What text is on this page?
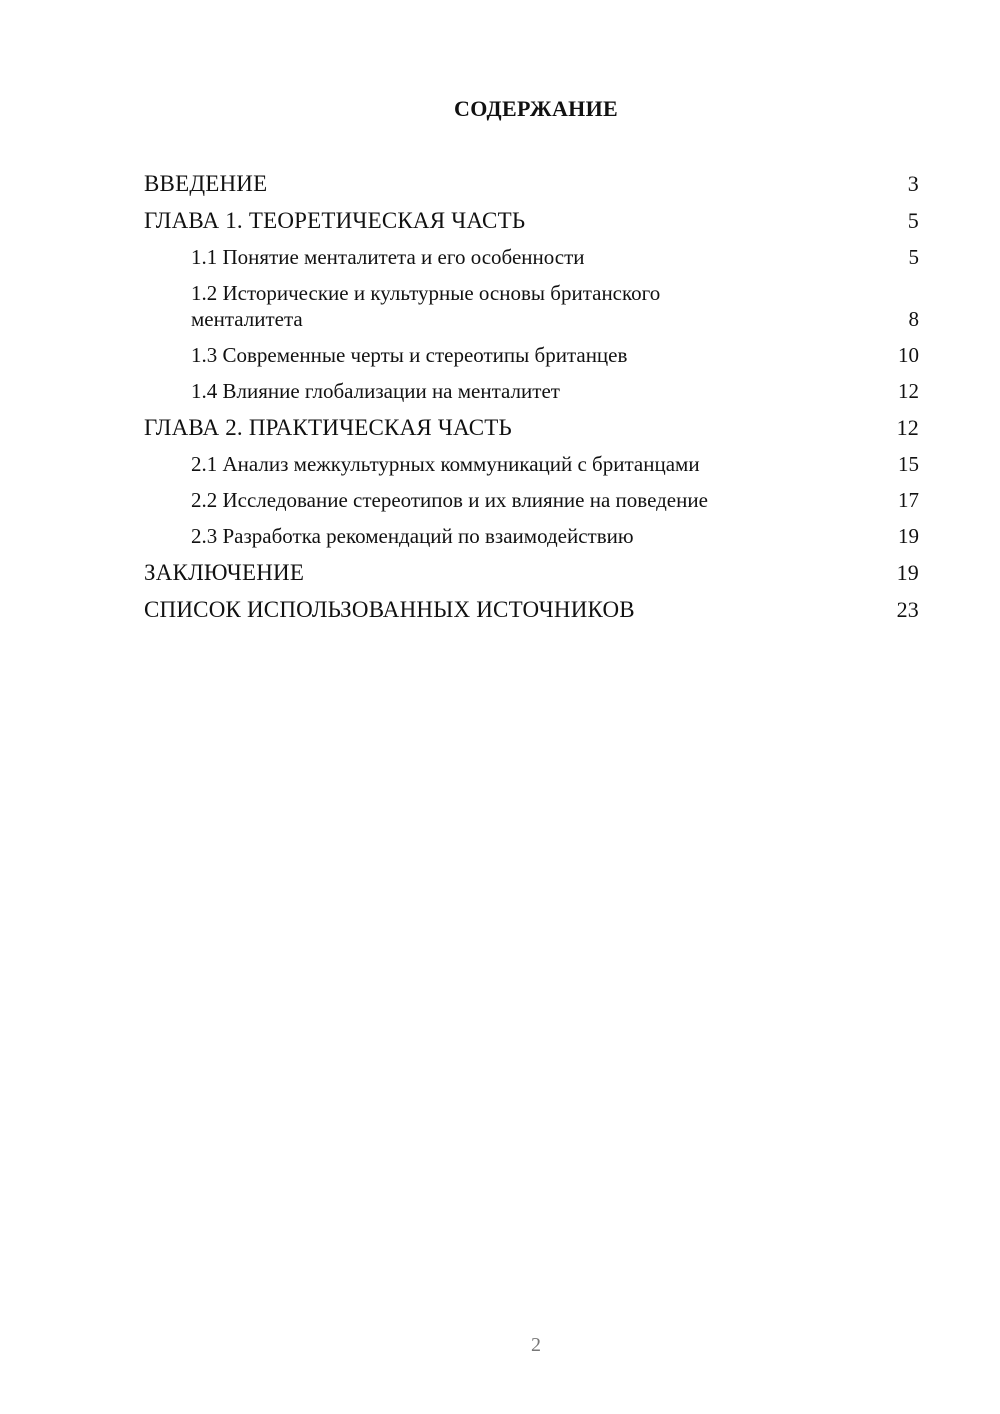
СОДЕРЖАНИЕ
ВВЕДЕНИЕ	3
ГЛАВА 1. ТЕОРЕТИЧЕСКАЯ ЧАСТЬ	5
1.1 Понятие менталитета и его особенности	5
1.2 Исторические и культурные основы британского менталитета	8
1.3 Современные черты и стереотипы британцев	10
1.4 Влияние глобализации на менталитет	12
ГЛАВА 2. ПРАКТИЧЕСКАЯ ЧАСТЬ	12
2.1 Анализ межкультурных коммуникаций с британцами	15
2.2 Исследование стереотипов и их влияние на поведение	17
2.3 Разработка рекомендаций по взаимодействию	19
ЗАКЛЮЧЕНИЕ	19
СПИСОК ИСПОЛЬЗОВАННЫХ ИСТОЧНИКОВ	23
2
